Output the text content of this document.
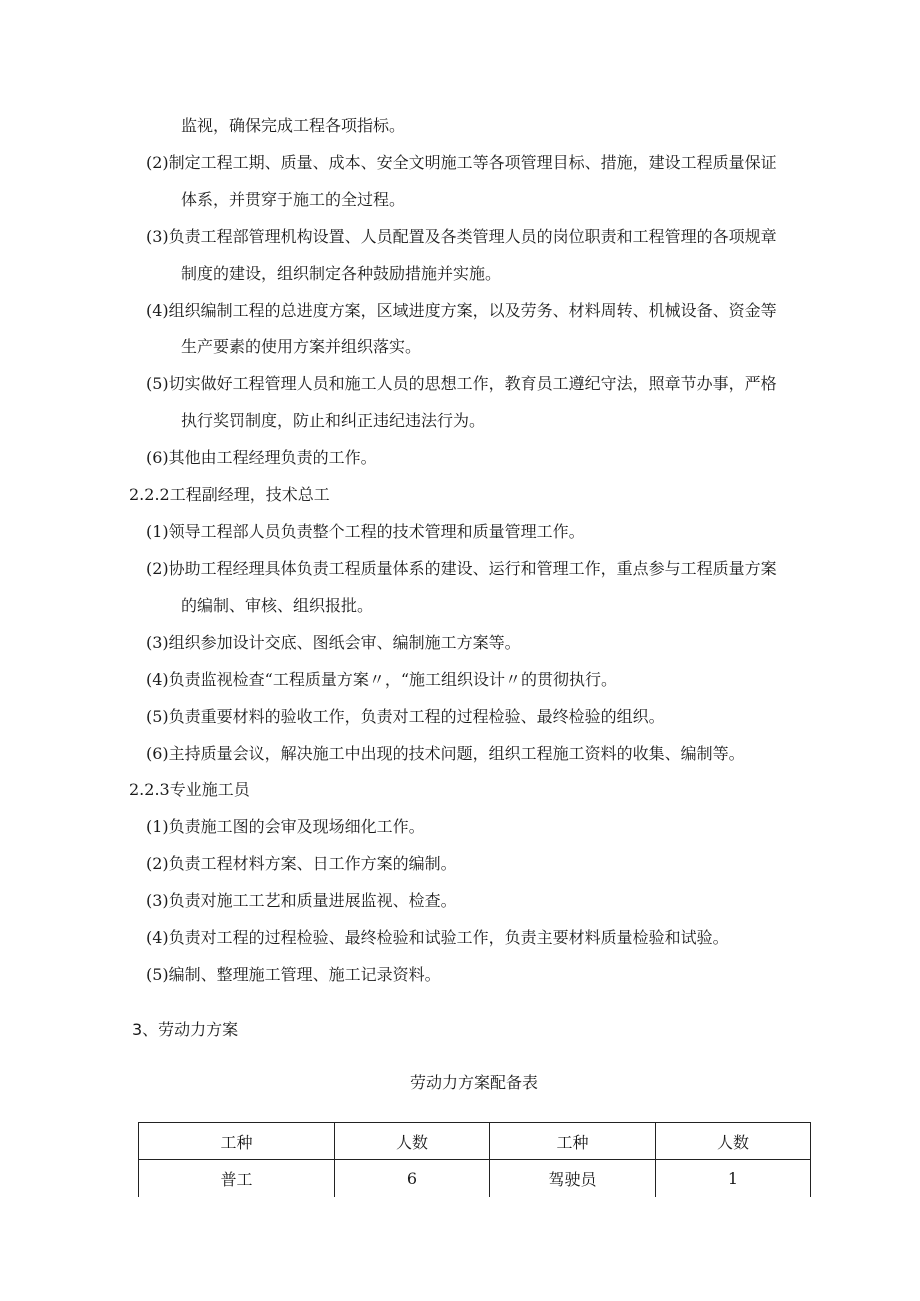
监视，确保完成工程各项指标。
(2)制定工程工期、质量、成本、安全文明施工等各项管理目标、措施，建设工程质量保证
体系，并贯穿于施工的全过程。
(3)负责工程部管理机构设置、人员配置及各类管理人员的岗位职责和工程管理的各项规章
制度的建设，组织制定各种鼓励措施并实施。
(4)组织编制工程的总进度方案，区域进度方案，以及劳务、材料周转、机械设备、资金等
生产要素的使用方案并组织落实。
(5)切实做好工程管理人员和施工人员的思想工作，教育员工遵纪守法，照章节办事，严格
执行奖罚制度，防止和纠正违纪违法行为。
(6)其他由工程经理负责的工作。
2.2.2工程副经理，技术总工
(1)领导工程部人员负责整个工程的技术管理和质量管理工作。
(2)协助工程经理具体负责工程质量体系的建设、运行和管理工作，重点参与工程质量方案
的编制、审核、组织报批。
(3)组织参加设计交底、图纸会审、编制施工方案等。
(4)负责监视检查“工程质量方案〃，“施工组织设计〃的贯彻执行。
(5)负责重要材料的验收工作，负责对工程的过程检验、最终检验的组织。
(6)主持质量会议，解决施工中出现的技术问题，组织工程施工资料的收集、编制等。
2.2.3专业施工员
(1)负责施工图的会审及现场细化工作。
(2)负责工程材料方案、日工作方案的编制。
(3)负责对施工工艺和质量进展监视、检查。
(4)负责对工程的过程检验、最终检验和试验工作，负责主要材料质量检验和试验。
(5)编制、整理施工管理、施工记录资料。
3、劳动力方案
劳动力方案配备表
工种	人数	工种	人数
普工	6	驾驶员	1
